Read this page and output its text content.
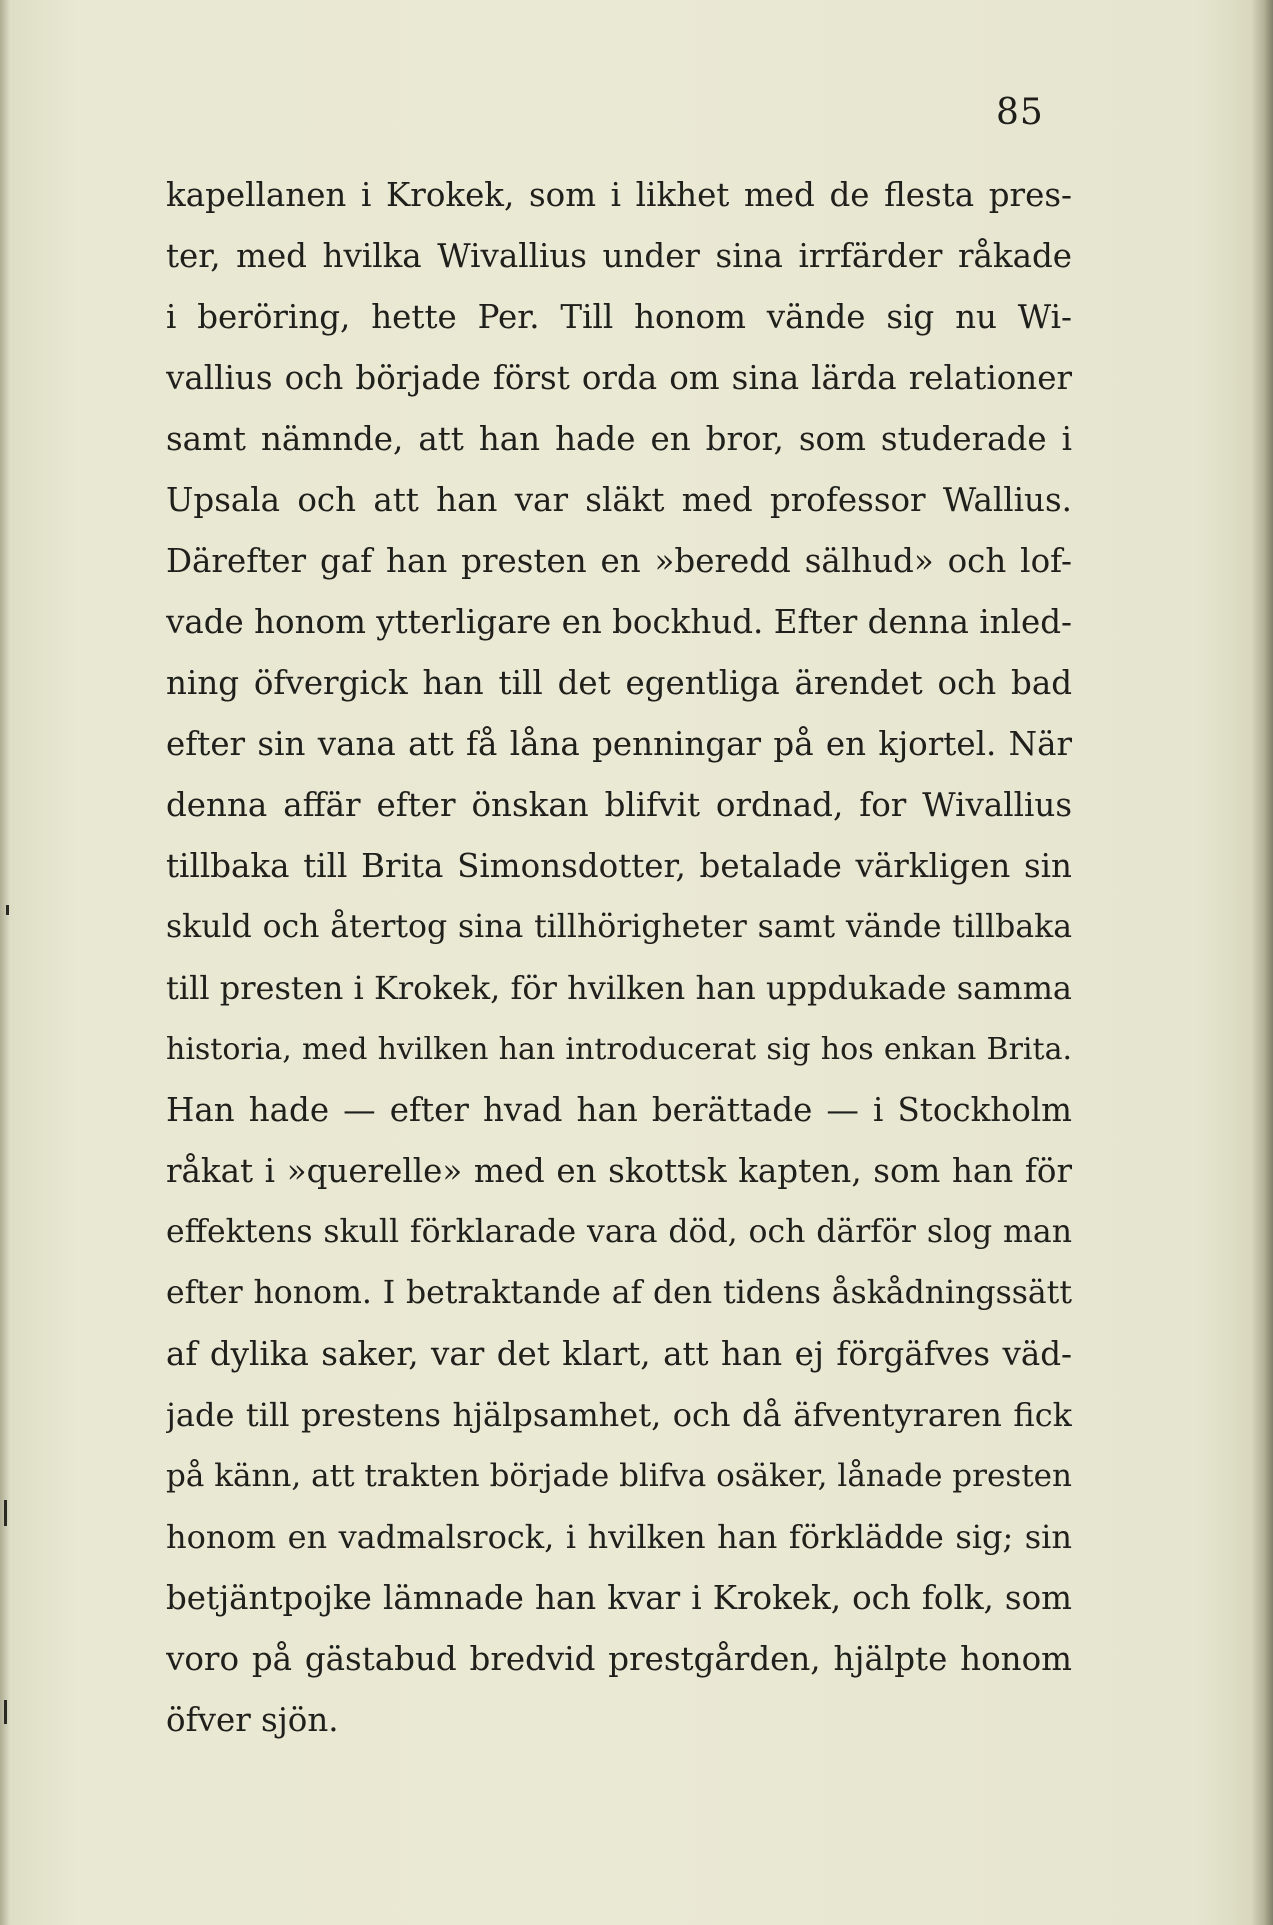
85
kapellanen i Krokek, som i likhet med de flesta pres-
ter, med hvilka Wivallius under sina irrfärder råkade
i beröring, hette Per. Till honom vände sig nu Wi-
vallius och började först orda om sina lärda relationer
samt nämnde, att han hade en bror, som studerade i
Upsala och att han var släkt med professor Wallius.
Därefter gaf han presten en »beredd sälhud» och lof-
vade honom ytterligare en bockhud. Efter denna inled-
ning öfvergick han till det egentliga ärendet och bad
efter sin vana att få låna penningar på en kjortel. När
denna affär efter önskan blifvit ordnad, for Wivallius
tillbaka till Brita Simonsdotter, betalade värkligen sin
skuld och återtog sina tillhörigheter samt vände tillbaka
till presten i Krokek, för hvilken han uppdukade samma
historia, med hvilken han introducerat sig hos enkan Brita.
Han hade — efter hvad han berättade — i Stockholm
råkat i »querelle» med en skottsk kapten, som han för
effektens skull förklarade vara död, och därför slog man
efter honom. I betraktande af den tidens åskådningssätt
af dylika saker, var det klart, att han ej förgäfves väd-
jade till prestens hjälpsamhet, och då äfventyraren fick
på känn, att trakten började blifva osäker, lånade presten
honom en vadmalsrock, i hvilken han förklädde sig; sin
betjäntpojke lämnade han kvar i Krokek, och folk, som
voro på gästabud bredvid prestgården, hjälpte honom
öfver sjön.
